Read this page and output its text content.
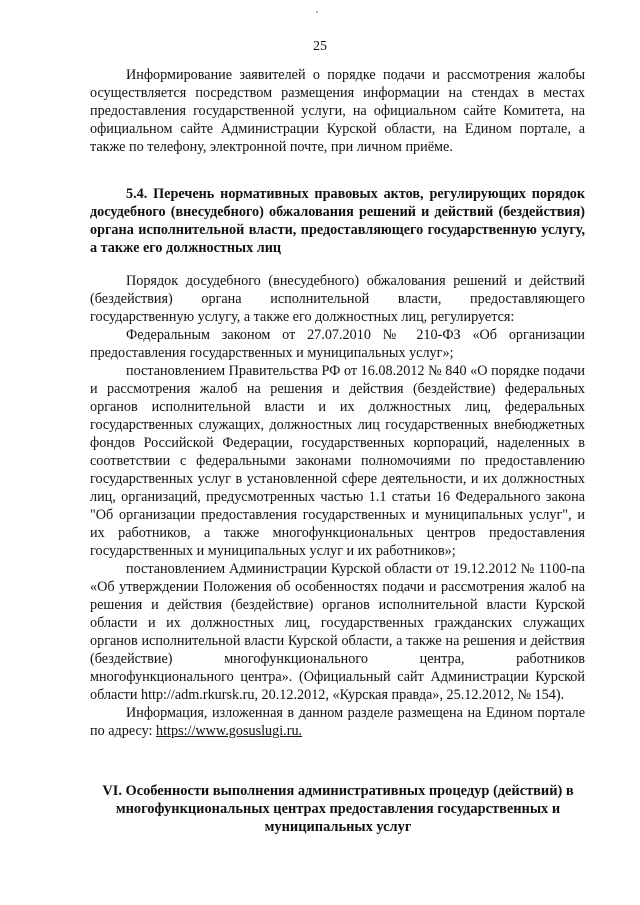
25

Информирование заявителей о порядке подачи и рассмотрения жалобы осуществляется посредством размещения информации на стендах в местах предоставления государственной услуги, на официальном сайте Комитета, на официальном сайте Администрации Курской области, на Едином портале, а также по телефону, электронной почте, при личном приёме.

5.4. Перечень нормативных правовых актов, регулирующих порядок досудебного (внесудебного) обжалования решений и действий (бездействия) органа исполнительной власти, предоставляющего государственную услугу, а также его должностных лиц

Порядок досудебного (внесудебного) обжалования решений и действий (бездействия) органа исполнительной власти, предоставляющего государственную услугу, а также его должностных лиц, регулируется:

Федеральным законом от 27.07.2010 № 210-ФЗ «Об организации предоставления государственных и муниципальных услуг»;

постановлением Правительства РФ от 16.08.2012 № 840 «О порядке подачи и рассмотрения жалоб на решения и действия (бездействие) федеральных органов исполнительной власти и их должностных лиц, федеральных государственных служащих, должностных лиц государственных внебюджетных фондов Российской Федерации, государственных корпораций, наделенных в соответствии с федеральными законами полномочиями по предоставлению государственных услуг в установленной сфере деятельности, и их должностных лиц, организаций, предусмотренных частью 1.1 статьи 16 Федерального закона "Об организации предоставления государственных и муниципальных услуг", и их работников, а также многофункциональных центров предоставления государственных и муниципальных услуг и их работников»;

постановлением Администрации Курской области от 19.12.2012 № 1100-па «Об утверждении Положения об особенностях подачи и рассмотрения жалоб на решения и действия (бездействие) органов исполнительной власти Курской области и их должностных лиц, государственных гражданских служащих органов исполнительной власти Курской области, а также на решения и действия (бездействие) многофункционального центра, работников многофункционального центра». (Официальный сайт Администрации Курской области http://adm.rkursk.ru, 20.12.2012, «Курская правда», 25.12.2012, № 154).

Информация, изложенная в данном разделе размещена на Едином портале по адресу: https://www.gosuslugi.ru.

VI. Особенности выполнения административных процедур (действий) в многофункциональных центрах предоставления государственных и муниципальных услуг
